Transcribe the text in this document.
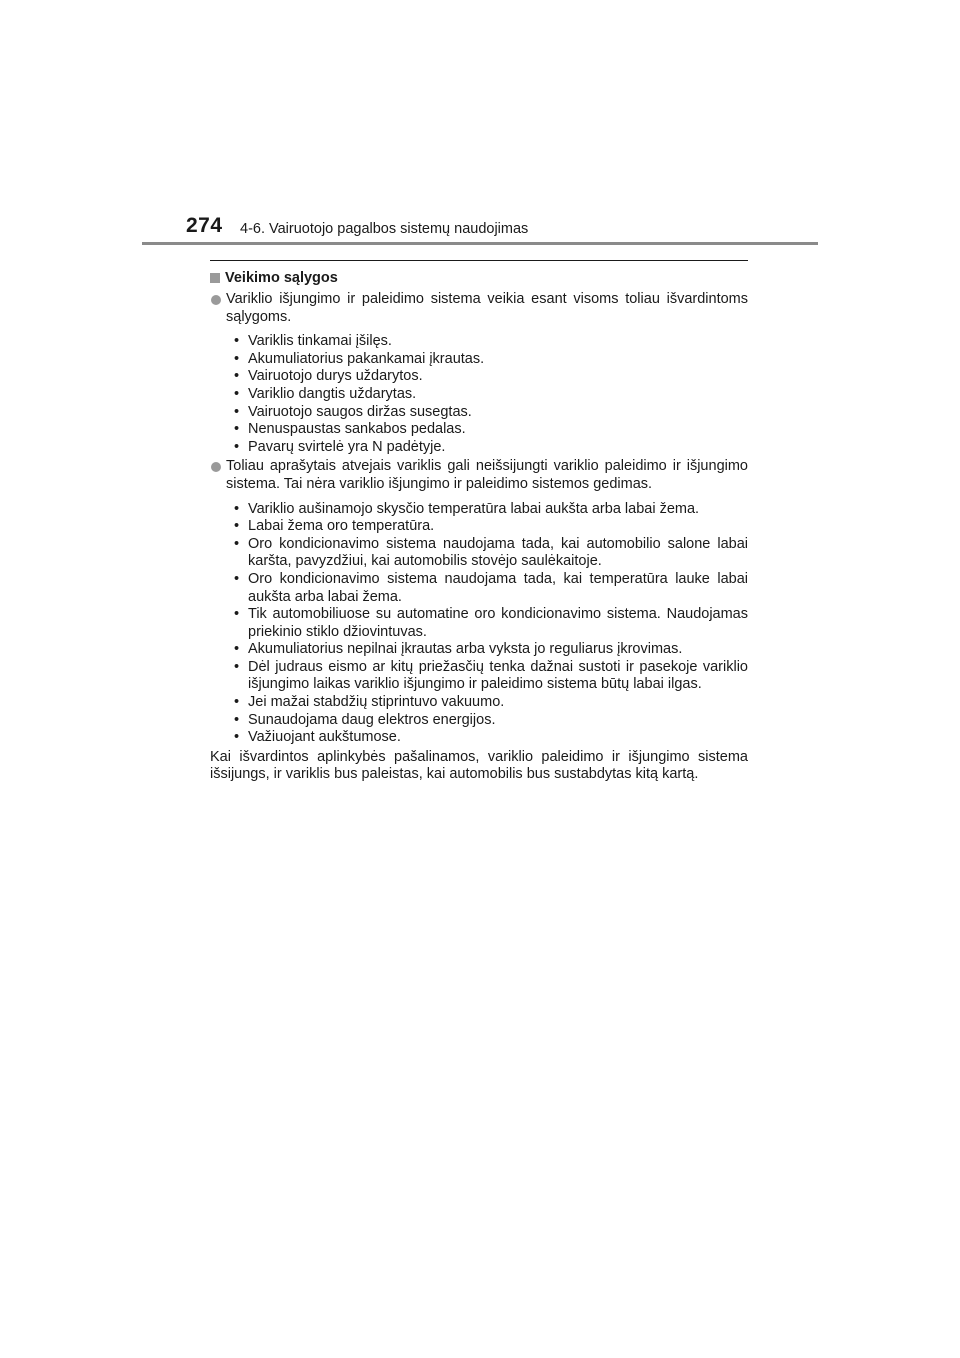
274 4-6. Vairuotojo pagalbos sistemų naudojimas
Veikimo sąlygos
Variklio išjungimo ir paleidimo sistema veikia esant visoms toliau išvardintoms sąlygoms.
• Variklis tinkamai įšilęs.
• Akumuliatorius pakankamai įkrautas.
• Vairuotojo durys uždarytos.
• Variklio dangtis uždarytas.
• Vairuotojo saugos diržas susegtas.
• Nenuspaustas sankabos pedalas.
• Pavarų svirtelė yra N padėtyje.
Toliau aprašytais atvejais variklis gali neišsijungti variklio paleidimo ir išjungimo sistema. Tai nėra variklio išjungimo ir paleidimo sistemos gedimas.
• Variklio aušinamojo skysčio temperatūra labai aukšta arba labai žema.
• Labai žema oro temperatūra.
• Oro kondicionavimo sistema naudojama tada, kai automobilio salone labai karšta, pavyzdžiui, kai automobilis stovėjo saulėkaitoje.
• Oro kondicionavimo sistema naudojama tada, kai temperatūra lauke labai aukšta arba labai žema.
• Tik automobiliuose su automatine oro kondicionavimo sistema. Naudojamas priekinio stiklo džiovintuvas.
• Akumuliatorius nepilnai įkrautas arba vyksta jo reguliarus įkrovimas.
• Dėl judraus eismo ar kitų priežasčių tenka dažnai sustoti ir pasekoje variklio išjungimo laikas variklio išjungimo ir paleidimo sistema būtų labai ilgas.
• Jei mažai stabdžių stiprintuvo vakuumo.
• Sunaudojama daug elektros energijos.
• Važiuojant aukštumose.
Kai išvardintos aplinkybės pašalinamos, variklio paleidimo ir išjungimo sistema išsijungs, ir variklis bus paleistas, kai automobilis bus sustabdytas kitą kartą.
